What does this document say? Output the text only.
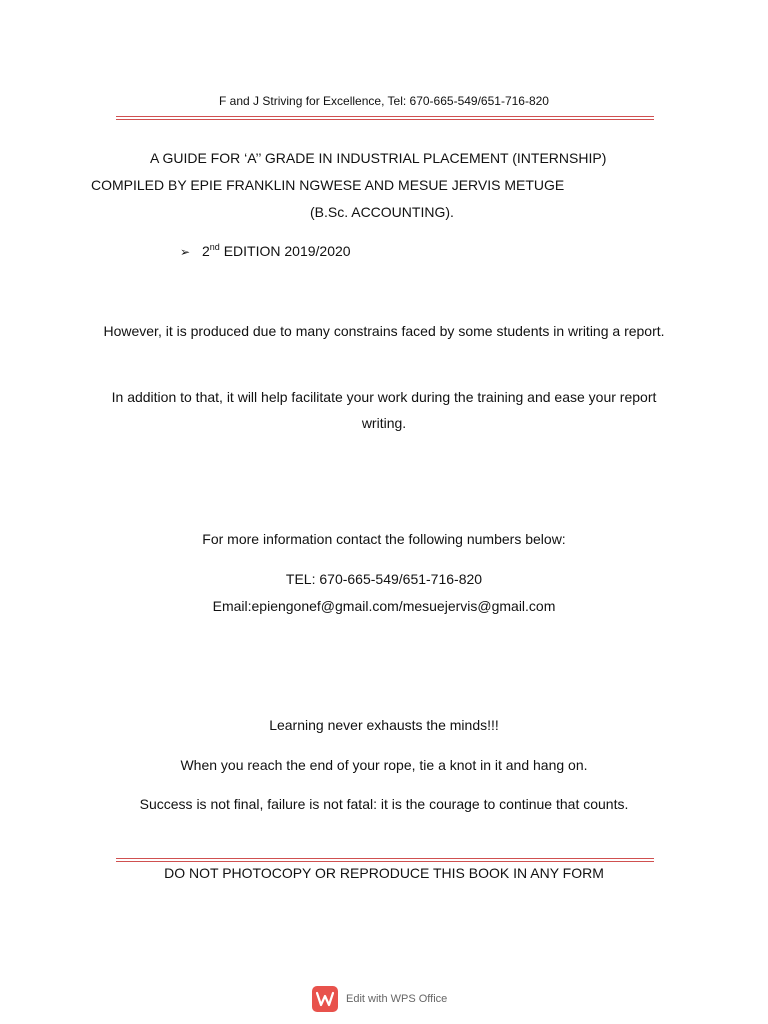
F and J Striving for Excellence, Tel: 670-665-549/651-716-820
A GUIDE FOR ‘A’’ GRADE IN INDUSTRIAL PLACEMENT (INTERNSHIP)
COMPILED BY EPIE FRANKLIN NGWESE AND MESUE JERVIS METUGE
(B.Sc. ACCOUNTING).
➢ 2nd EDITION 2019/2020
However, it is produced due to many constrains faced by some students in writing a report.
In addition to that, it will help facilitate your work during the training and ease your report writing.
For more information contact the following numbers below:
TEL: 670-665-549/651-716-820
Email:epiengonef@gmail.com/mesuejervis@gmail.com
Learning never exhausts the minds!!!
When you reach the end of your rope, tie a knot in it and hang on.
Success is not final, failure is not fatal: it is the courage to continue that counts.
DO NOT PHOTOCOPY OR REPRODUCE THIS BOOK IN ANY FORM
Edit with WPS Office
